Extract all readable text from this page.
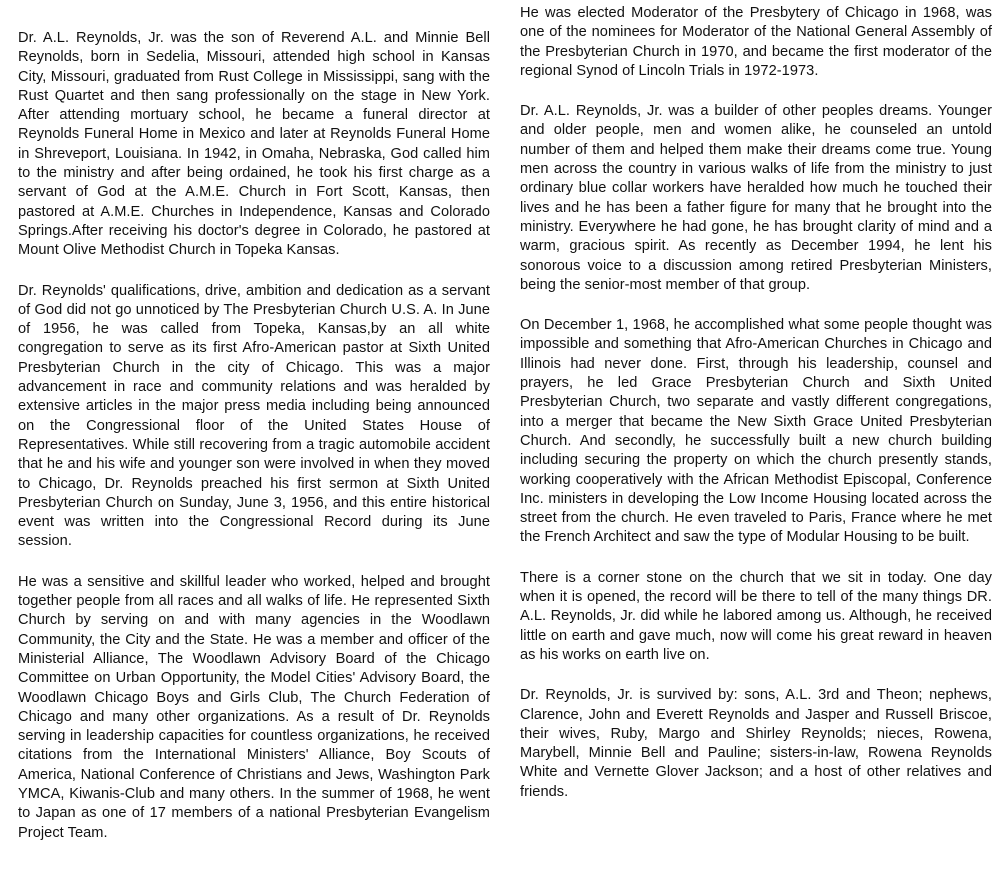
Dr. A.L. Reynolds, Jr. was the son of Reverend A.L. and Minnie Bell Reynolds, born in Sedelia, Missouri, attended high school in Kansas City, Missouri, graduated from Rust College in Mississippi, sang with the Rust Quartet and then sang professionally on the stage in New York. After attending mortuary school, he became a funeral director at Reynolds Funeral Home in Mexico and later at Reynolds Funeral Home in Shreveport, Louisiana. In 1942, in Omaha, Nebraska, God called him to the ministry and after being ordained, he took his first charge as a servant of God at the A.M.E. Church in Fort Scott, Kansas, then pastored at A.M.E. Churches in Independence, Kansas and Colorado Springs.After receiving his doctor's degree in Colorado, he pastored at Mount Olive Methodist Church in Topeka Kansas.

Dr. Reynolds' qualifications, drive, ambition and dedication as a servant of God did not go unnoticed by The Presbyterian Church U.S. A. In June of 1956, he was called from Topeka, Kansas,by an all white congregation to serve as its first Afro-American pastor at Sixth United Presbyterian Church in the city of Chicago. This was a major advancement in race and community relations and was heralded by extensive articles in the major press media including being announced on the Congressional floor of the United States House of Representatives. While still recovering from a tragic automobile accident that he and his wife and younger son were involved in when they moved to Chicago, Dr. Reynolds preached his first sermon at Sixth United Presbyterian Church on Sunday, June 3, 1956, and this entire historical event was written into the Congressional Record during its June session.

He was a sensitive and skillful leader who worked, helped and brought together people from all races and all walks of life. He represented Sixth Church by serving on and with many agencies in the Woodlawn Community, the City and the State. He was a member and officer of the Ministerial Alliance, The Woodlawn Advisory Board of the Chicago Committee on Urban Opportunity, the Model Cities' Advisory Board, the Woodlawn Chicago Boys and Girls Club, The Church Federation of Chicago and many other organizations. As a result of Dr. Reynolds serving in leadership capacities for countless organizations, he received citations from the International Ministers' Alliance, Boy Scouts of America, National Conference of Christians and Jews, Washington Park YMCA, Kiwanis-Club and many others. In the summer of 1968, he went to Japan as one of 17 members of a national Presbyterian Evangelism Project Team.

He was elected Moderator of the Presbytery of Chicago in 1968, was one of the nominees for Moderator of the National General Assembly of the Presbyterian Church in 1970, and became the first moderator of the regional Synod of Lincoln Trials in 1972-1973.

Dr. A.L. Reynolds, Jr. was a builder of other peoples dreams. Younger and older people, men and women alike, he counseled an untold number of them and helped them make their dreams come true. Young men across the country in various walks of life from the ministry to just ordinary blue collar workers have heralded how much he touched their lives and he has been a father figure for many that he brought into the ministry. Everywhere he had gone, he has brought clarity of mind and a warm, gracious spirit. As recently as December 1994, he lent his sonorous voice to a discussion among retired Presbyterian Ministers, being the senior-most member of that group.

On December 1, 1968, he accomplished what some people thought was impossible and something that Afro-American Churches in Chicago and Illinois had never done. First, through his leadership, counsel and prayers, he led Grace Presbyterian Church and Sixth United Presbyterian Church, two separate and vastly different congregations, into a merger that became the New Sixth Grace United Presbyterian Church. And secondly, he successfully built a new church building including securing the property on which the church presently stands, working cooperatively with the African Methodist Episcopal, Conference Inc. ministers in developing the Low Income Housing located across the street from the church. He even traveled to Paris, France where he met the French Architect and saw the type of Modular Housing to be built.

There is a corner stone on the church that we sit in today. One day when it is opened, the record will be there to tell of the many things DR. A.L. Reynolds, Jr. did while he labored among us. Although, he received little on earth and gave much, now will come his great reward in heaven as his works on earth live on.

Dr. Reynolds, Jr. is survived by: sons, A.L. 3rd and Theon; nephews, Clarence, John and Everett Reynolds and Jasper and Russell Briscoe, their wives, Ruby, Margo and Shirley Reynolds; nieces, Rowena, Marybell, Minnie Bell and Pauline; sisters-in-law, Rowena Reynolds White and Vernette Glover Jackson; and a host of other relatives and friends.
